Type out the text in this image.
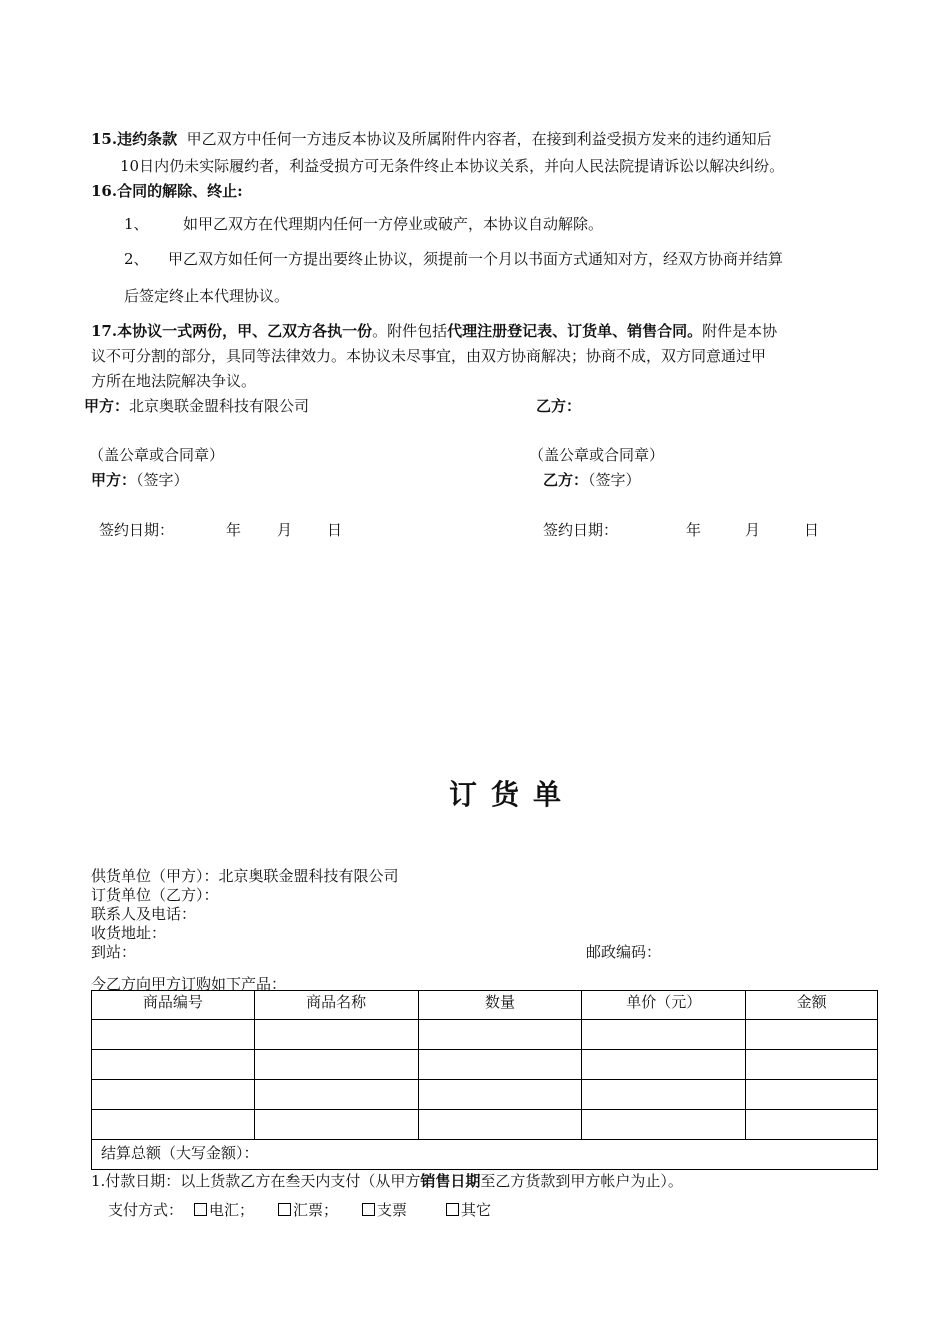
15.违约条款 甲乙双方中任何一方违反本协议及所属附件内容者，在接到利益受损方发来的违约通知后
10日内仍未实际履约者，利益受损方可无条件终止本协议关系，并向人民法院提请诉讼以解决纠纷。
16.合同的解除、终止:
1、 如甲乙双方在代理期内任何一方停业或破产，本协议自动解除。
2、 甲乙双方如任何一方提出要终止协议，须提前一个月以书面方式通知对方，经双方协商并结算
后签定终止本代理协议。
17.本协议一式两份，甲、乙双方各执一份。附件包括代理注册登记表、订货单、销售合同。附件是本协
议不可分割的部分，具同等法律效力。本协议未尽事宜，由双方协商解决；协商不成，双方同意通过甲
方所在地法院解决争议。
甲方：北京奥联金盟科技有限公司	乙方：
（盖公章或合同章）	（盖公章或合同章）
甲方：（签字）	乙方：（签字）
签约日期：	年 月 日	签约日期：	年	月	日
订货单
供货单位（甲方）：北京奥联金盟科技有限公司
订货单位（乙方）：
联系人及电话：
收货地址：
到站：	邮政编码：
今乙方向甲方订购如下产品：
商品编号	商品名称	数量	单价（元）	金额

结算总额（大写金额）：				
1.付款日期：以上货款乙方在叁天内支付（从甲方销售日期至乙方货款到甲方帐户为止）。
支付方式：	电汇；	汇票；	支票	其它
